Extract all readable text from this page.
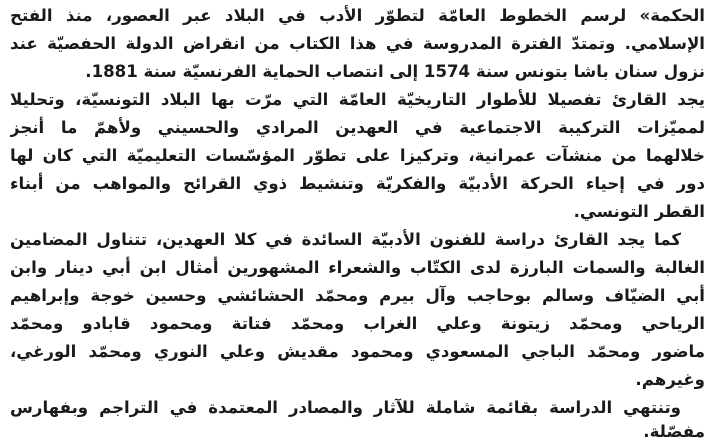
الحكمة» لرسم الخطوط العامّة لتطوّر الأدب في البلاد عبر العصور، منذ الفتح
الإسلامي. وتمتدّ الفترة المدروسة في هذا الكتاب من انقراض الدولة الحفصيّة عند
نزول سنان باشا بتونس سنة 1574 إلى انتصاب الحماية الفرنسيّة سنة 1881.
يجد القارئ تفصيلا للأطوار التاريخيّة العامّة التي مرّت بها البلاد التونسيّة، وتحليلا
لمميّزات التركيبة الاجتماعية في العهدين المرادي والحسيني ولأهمّ ما أنجز
خلالهما من منشآت عمرانية، وتركيزا على تطوّر المؤسّسات التعليميّة التي كان لها
دور في إحياء الحركة الأدبيّة والفكريّة وتنشيط ذوي القرائح والمواهب من أبناء
القطر التونسي.
كما يجد القارئ دراسة للفنون الأدبيّة السائدة في كلا العهدين، تتناول المضامين
الغالبة والسمات البارزة لدى الكتّاب والشعراء المشهورين أمثال ابن أبي دينار وابن
أبي الضيّاف وسالم بوحاجب وآل بيرم ومحمّد الحشائشي وحسين خوجة وإبراهيم
الرياحي ومحمّد زيتونة وعلي الغراب ومحمّد فتاتة ومحمود قابادو ومحمّد
ماضور ومحمّد الباجي المسعودي ومحمود مقديش وعلي النوري ومحمّد الورغي،
وغيرهم.
وتنتهي الدراسة بقائمة شاملة للآثار والمصادر المعتمدة في التراجم وبفهارس
مفصّلة.
